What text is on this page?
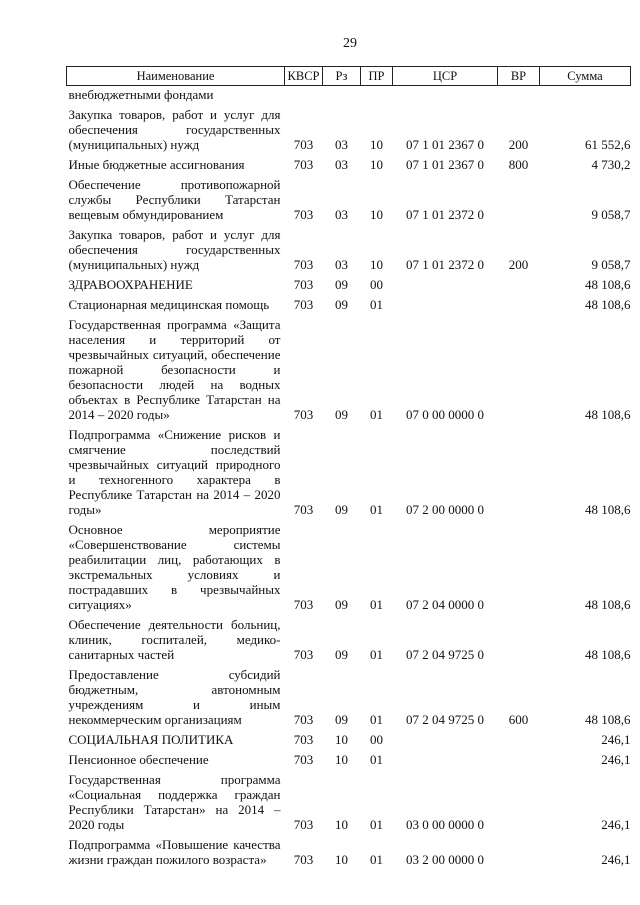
29
Наименование	КВСР	Рз	ПР	ЦСР	ВР	Сумма
внебюджетными фондами						
Закупка товаров, работ и услуг для обеспечения государственных (муниципальных) нужд	703	03	10	07 1 01 2367 0	200	61 552,6
Иные бюджетные ассигнования	703	03	10	07 1 01 2367 0	800	4 730,2
Обеспечение противопожарной службы Республики Татарстан вещевым обмундированием	703	03	10	07 1 01 2372 0		9 058,7
Закупка товаров, работ и услуг для обеспечения государственных (муниципальных) нужд	703	03	10	07 1 01 2372 0	200	9 058,7
ЗДРАВООХРАНЕНИЕ	703	09	00			48 108,6
Стационарная медицинская помощь	703	09	01			48 108,6
Государственная программа «Защита населения и территорий от чрезвычайных ситуаций, обеспечение пожарной безопасности и безопасности людей на водных объектах в Республике Татарстан на 2014 – 2020 годы»	703	09	01	07 0 00 0000 0		48 108,6
Подпрограмма «Снижение рисков и смягчение последствий чрезвычайных ситуаций природного и техногенного характера в Республике Татарстан на 2014 – 2020 годы»	703	09	01	07 2 00 0000 0		48 108,6
Основное мероприятие «Совершенствование системы реабилитации лиц, работающих в экстремальных условиях и пострадавших в чрезвычайных ситуациях»	703	09	01	07 2 04 0000 0		48 108,6
Обеспечение деятельности больниц, клиник, госпиталей, медико-санитарных частей	703	09	01	07 2 04 9725 0		48 108,6
Предоставление субсидий бюджетным, автономным учреждениям и иным некоммерческим организациям	703	09	01	07 2 04 9725 0	600	48 108,6
СОЦИАЛЬНАЯ ПОЛИТИКА	703	10	00			246,1
Пенсионное обеспечение	703	10	01			246,1
Государственная программа «Социальная поддержка граждан Республики Татарстан» на 2014 – 2020 годы	703	10	01	03 0 00 0000 0		246,1
Подпрограмма «Повышение качества жизни граждан пожилого возраста»	703	10	01	03 2 00 0000 0		246,1
